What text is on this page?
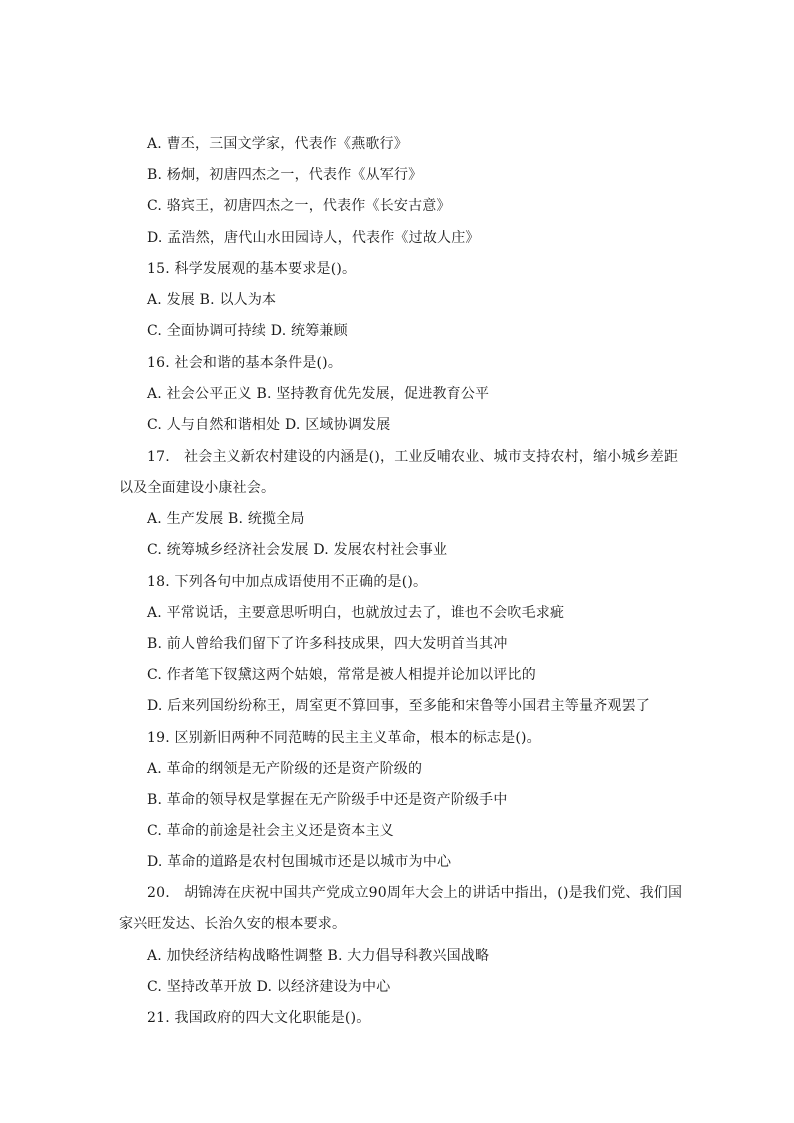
A. 曹丕，三国文学家，代表作《燕歌行》
B. 杨炯，初唐四杰之一，代表作《从军行》
C. 骆宾王，初唐四杰之一，代表作《长安古意》
D. 孟浩然，唐代山水田园诗人，代表作《过故人庄》
15. 科学发展观的基本要求是()。
A. 发展 B. 以人为本
C. 全面协调可持续 D. 统筹兼顾
16. 社会和谐的基本条件是()。
A. 社会公平正义 B. 坚持教育优先发展，促进教育公平
C. 人与自然和谐相处 D. 区域协调发展
17.　社会主义新农村建设的内涵是()，工业反哺农业、城市支持农村，缩小城乡差距
以及全面建设小康社会。
A. 生产发展 B. 统揽全局
C. 统筹城乡经济社会发展 D. 发展农村社会事业
18. 下列各句中加点成语使用不正确的是()。
A. 平常说话，主要意思听明白，也就放过去了，谁也不会吹毛求疵
B. 前人曾给我们留下了许多科技成果，四大发明首当其冲
C. 作者笔下钗黛这两个姑娘，常常是被人相提并论加以评比的
D. 后来列国纷纷称王，周室更不算回事，至多能和宋鲁等小国君主等量齐观罢了
19. 区别新旧两种不同范畴的民主主义革命，根本的标志是()。
A. 革命的纲领是无产阶级的还是资产阶级的
B. 革命的领导权是掌握在无产阶级手中还是资产阶级手中
C. 革命的前途是社会主义还是资本主义
D. 革命的道路是农村包围城市还是以城市为中心
20.　胡锦涛在庆祝中国共产党成立90周年大会上的讲话中指出，()是我们党、我们国
家兴旺发达、长治久安的根本要求。
A. 加快经济结构战略性调整 B. 大力倡导科教兴国战略
C. 坚持改革开放 D. 以经济建设为中心
21. 我国政府的四大文化职能是()。
